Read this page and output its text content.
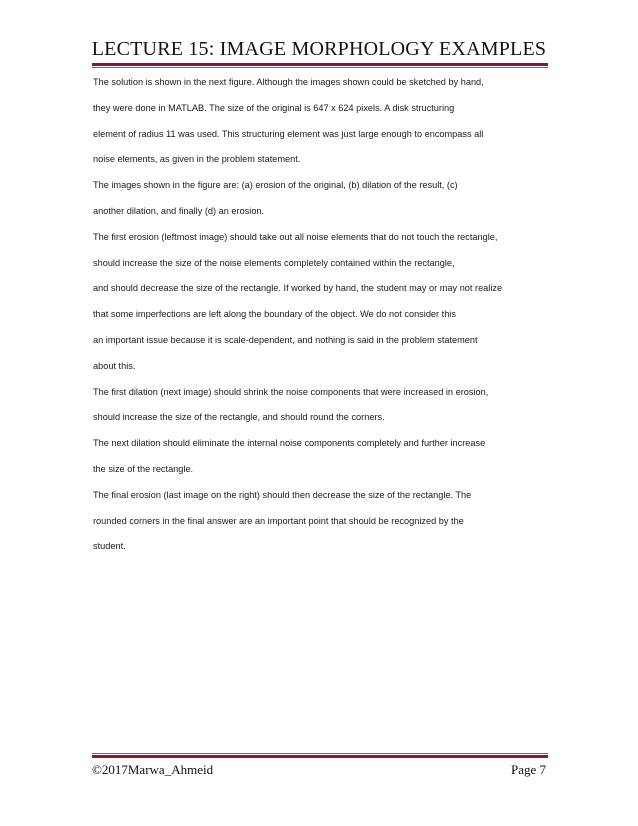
LECTURE 15: IMAGE MORPHOLOGY EXAMPLES

The solution is shown in the next figure. Although the images shown could be sketched by hand,

they were done in MATLAB. The size of the original is 647 x 624 pixels. A disk structuring

element of radius 11 was used. This structuring element was just large enough to encompass all

noise elements, as given in the problem statement.

The images shown in the figure are: (a) erosion of the original, (b) dilation of the result, (c)

another dilation, and finally (d) an erosion.

The first erosion (leftmost image) should take out all noise elements that do not touch the rectangle,

should increase the size of the noise elements completely contained within the rectangle,

and should decrease the size of the rectangle. If worked by hand, the student may or may not realize

that some imperfections are left along the boundary of the object. We do not consider this

an important issue because it is scale-dependent, and nothing is said in the problem statement

about this.

The first dilation (next image) should shrink the noise components that were increased in erosion,

should increase the size of the rectangle, and should round the corners.

The next dilation should eliminate the internal noise components completely and further increase

the size of the rectangle.

The final erosion (last image on the right) should then decrease the size of the rectangle. The

rounded corners in the final answer are an important point that should be recognized by the

student.

©2017Marwa_Ahmeid	Page 7
